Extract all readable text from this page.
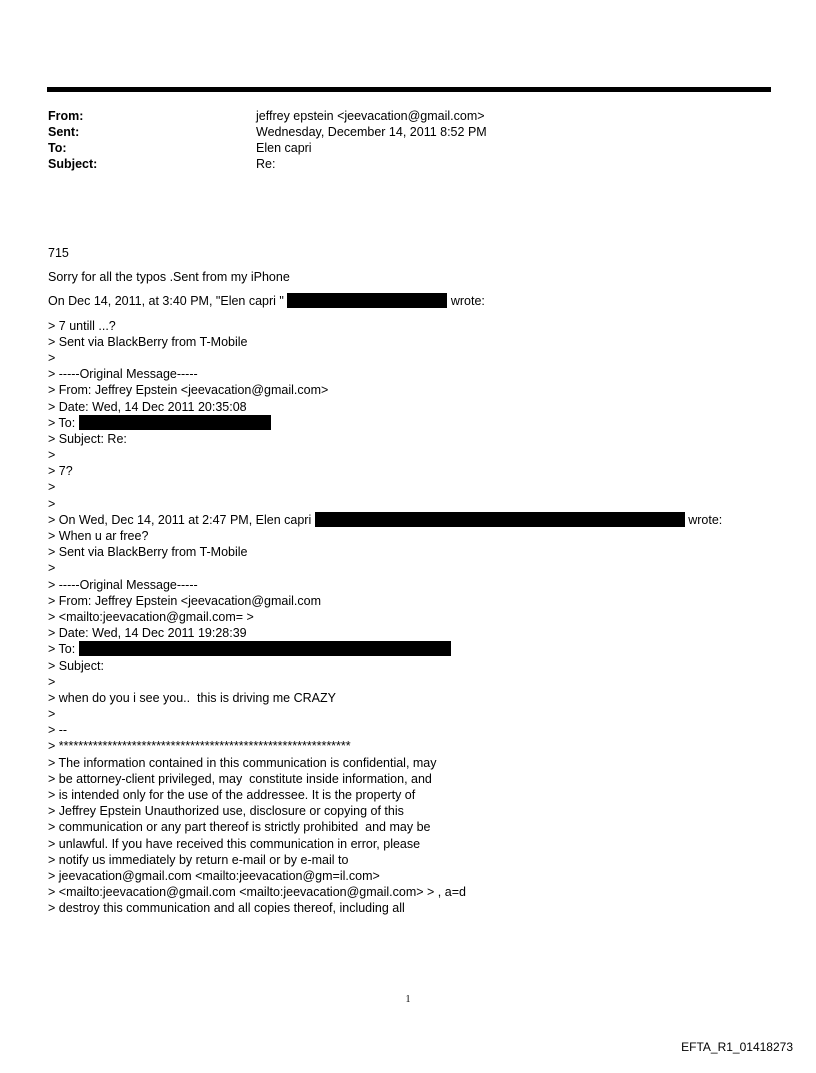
From:	jeffrey epstein <jeevacation@gmail.com>
Sent:	Wednesday, December 14, 2011 8:52 PM
To:	Elen capri
Subject:	Re:
715
Sorry for all the typos .Sent from my iPhone
On Dec 14, 2011, at 3:40 PM, "Elen capri "	wrote:
> 7 untill ...?
> Sent via BlackBerry from T-Mobile
>
> -----Original Message-----
> From: Jeffrey Epstein <jeevacation@gmail.com>
> Date: Wed, 14 Dec 2011 20:35:08
> To:
> Subject: Re:
>
> 7?
>
>
> On Wed, Dec 14, 2011 at 2:47 PM, Elen capri	wrote:
> When u ar free?
> Sent via BlackBerry from T-Mobile
>
> -----Original Message-----
> From: Jeffrey Epstein <jeevacation@gmail.com
> <mailto:jeevacation@gmail.com= >
> Date: Wed, 14 Dec 2011 19:28:39
> To:
> Subject:
>
> when do you i see you..  this is driving me CRAZY
>
> --
> ************************************************************
> The information contained in this communication is confidential, may
> be attorney-client privileged, may  constitute inside information, and
> is intended only for the use of the addressee. It is the property of
> Jeffrey Epstein Unauthorized use, disclosure or copying of this
> communication or any part thereof is strictly prohibited  and may be
> unlawful. If you have received this communication in error, please
> notify us immediately by return e-mail or by e-mail to
> jeevacation@gmail.com <mailto:jeevacation@gm=il.com>
> <mailto:jeevacation@gmail.com <mailto:jeevacation@gmail.com> > , a=d
> destroy this communication and all copies thereof, including all
1
EFTA_R1_01418273
